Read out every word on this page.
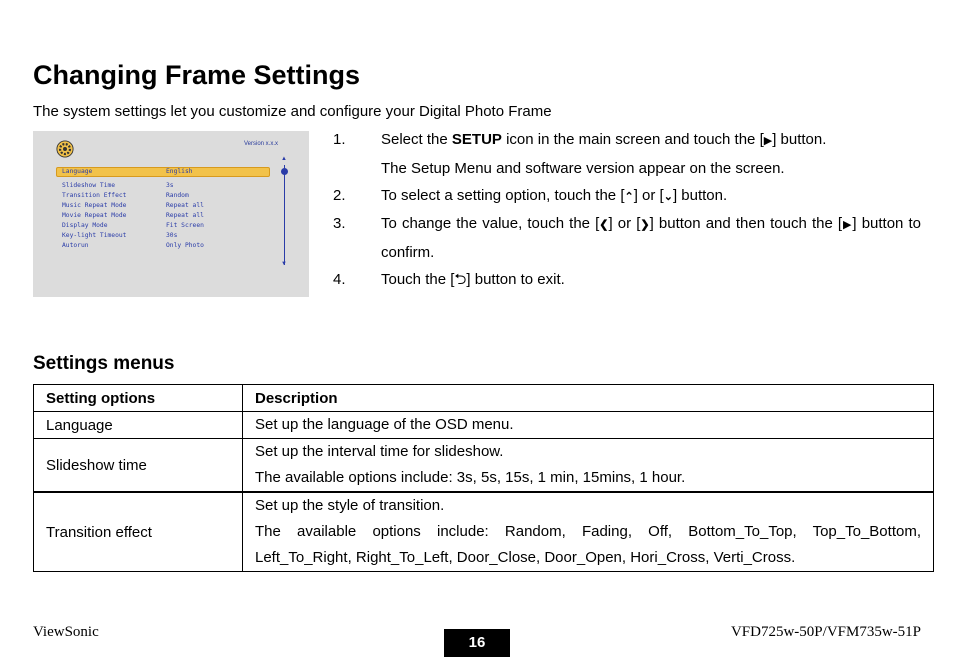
Changing Frame Settings
The system settings let you customize and configure your Digital Photo Frame
Version x.x.x
Language	English
Slideshow Time	3s
Transition Effect	Random
Music Repeat Mode	Repeat all
Movie Repeat Mode	Repeat all
Display Mode	Fit Screen
Key-light Timeout	30s
Autorun	Only Photo
▲
▼
1. Select the SETUP icon in the main screen and touch the [▶] button.
The Setup Menu and software version appear on the screen.
2. To select a setting option, touch the [⌃] or [⌄] button.
3. To change the value, touch the [❮] or [❯] button and then touch the [▶] button to confirm.
4. Touch the [⮌] button to exit.
Settings menus
Setting options	Description
Language	Set up the language of the OSD menu.

Slideshow time	Set up the interval time for slideshow.

The available options include: 3s, 5s, 15s, 1 min, 15mins, 1 hour.

Transition effect	Set up the style of transition.

The available options include: Random, Fading, Off, Bottom_To_Top, Top_To_Bottom, Left_To_Right, Right_To_Left, Door_Close, Door_Open, Hori_Cross, Verti_Cross.

ViewSonic
16
VFD725w-50P/VFM735w-51P
